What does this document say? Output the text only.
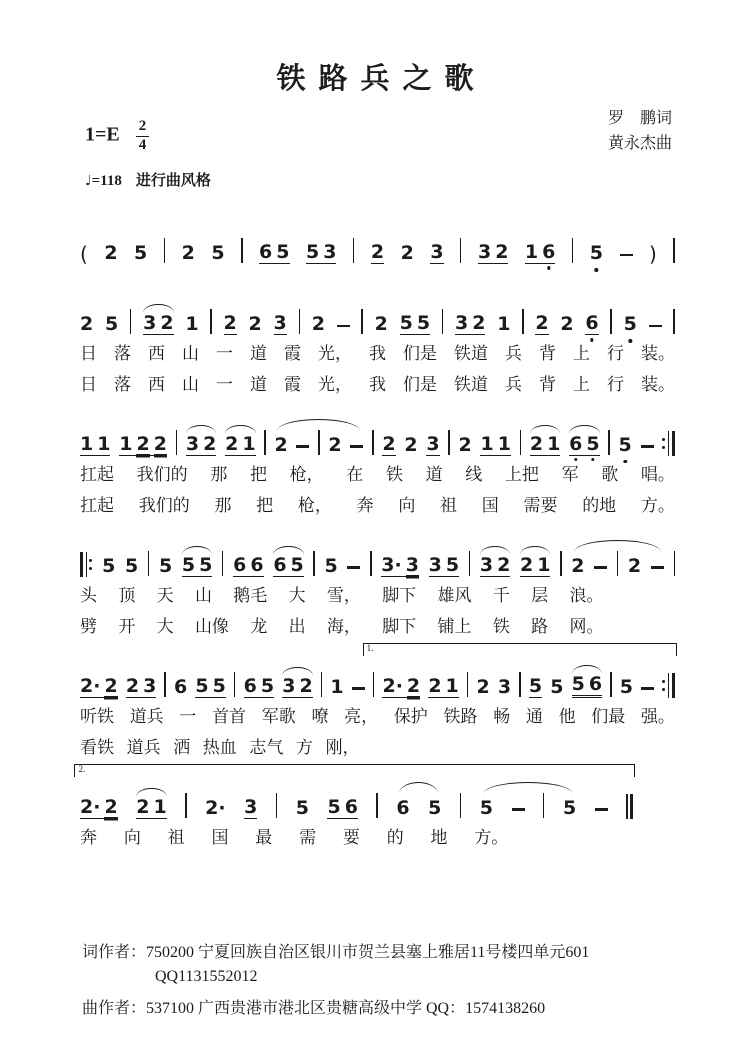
铁路兵之歌
$1=E \frac{2}{4}$
罗　鹏词
黄永杰曲
♩=118 进行曲风格
( 2 5 2 5 6 5 5 3 2 2 3 3 2 1 6 5 )
2 5 3 2 1 2 2 3 2	2 5 5 3 2 1 2 2 6 5
日 落 西 山 一 道 霞 光， 我 们是 铁道 兵 背 上 行 装。
日 落 西 山 一 道 霞 光， 我 们是 铁道 兵 背 上 行 装。
1 1 1 2 2 3 2 2 1 2 2 2 2 3 2 1 1 2 1 6 5 5
扛起 我们的 那 把 枪， 在 铁 道 线 上把 军 歌 唱。
扛起 我们的 那 把 枪， 奔 向 祖 国 需要 的地 方。
5 5 5 5 5 6 6 6 5 5 3· 3 3 5 3 2 2 1 2 2
头 顶 天 山 鹅毛 大 雪， 脚下 雄风 千 层 浪。
劈 开 大 山像 龙 出 海， 脚下 铺上 铁 路 网。
2· 2 2 3 6 5 5 6 5 3 2 1 2· 2 2 1 2 3 5 5 5 6 5
1.
听铁 道兵 一 首首 军歌 嘹 亮， 保护 铁路 畅 通 他 们最 强。
看铁 道兵 洒 热血 志气 方 刚，
2· 2 2 1 2· 3 5 5 6 6 5 5	5
2.
奔 向 祖 国 最 需 要 的 地 方。

词作者：750200 宁夏回族自治区银川市贺兰县塞上雅居11号楼四单元601

QQ1131552012

曲作者：537100 广西贵港市港北区贵糖高级中学 QQ：1574138260
